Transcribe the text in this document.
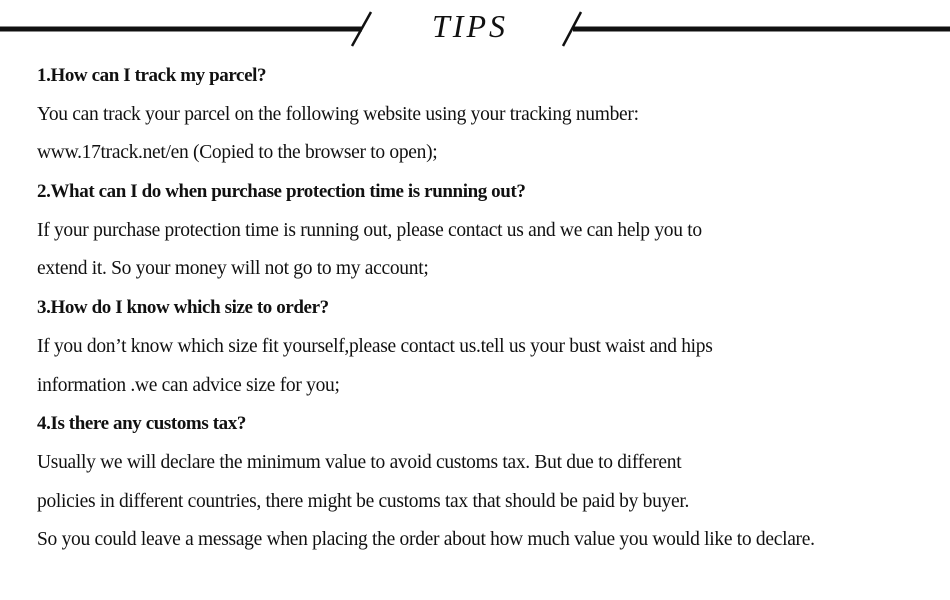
TIPS
1.How can I track my parcel?
You can track your parcel on the following website using your tracking number:
www.17track.net/en (Copied to the browser to open);
2.What can I do when purchase protection time is running out?
If your purchase protection time is running out, please contact us and we can help you to
extend it. So your money will not go to my account;
3.How do I know which size to order?
If you don’t know which size fit yourself,please contact us.tell us your bust waist and hips
information .we can advice size for you;
4.Is there any customs tax?
Usually we will declare the minimum value to avoid customs tax. But due to different
policies in different countries, there might be customs tax that should be paid by buyer.
So you could leave a message when placing the order about how much value you would like to declare.
